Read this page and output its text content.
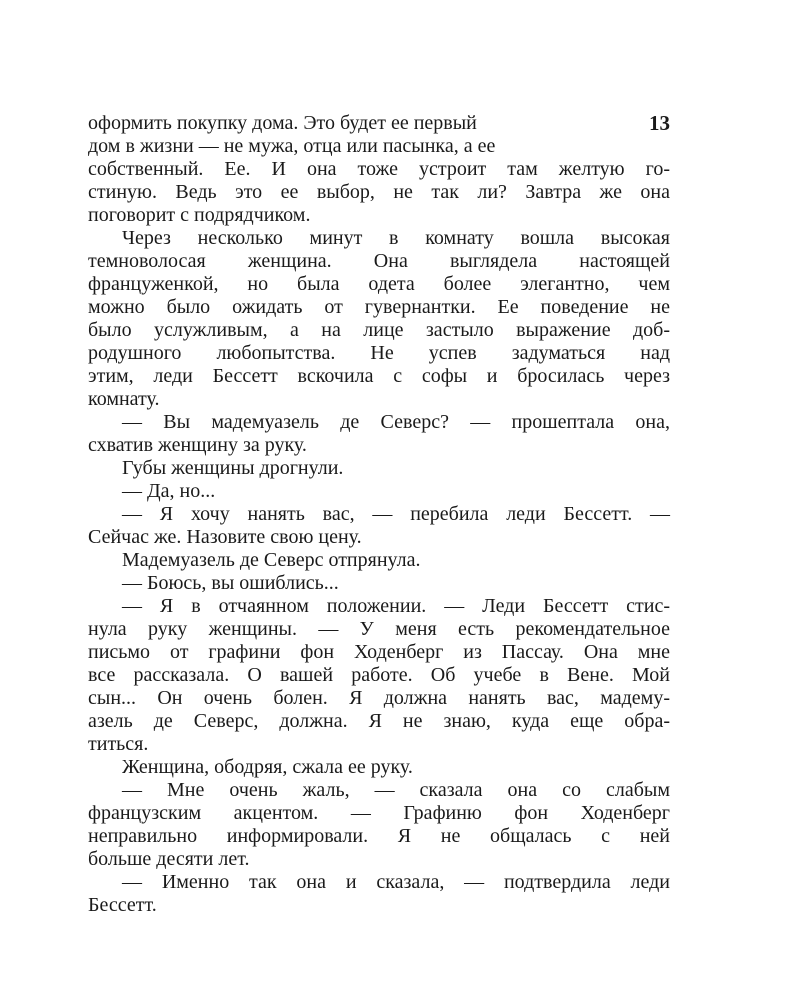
оформить покупку дома. Это будет ее первый	13
дом в жизни — не мужа, отца или пасынка, а ее
собственный. Ее. И она тоже устроит там желтую го-
стиную. Ведь это ее выбор, не так ли? Завтра же она
поговорит с подрядчиком.
Через несколько минут в комнату вошла высокая
темноволосая женщина. Она выглядела настоящей
француженкой, но была одета более элегантно, чем
можно было ожидать от гувернантки. Ее поведение не
было услужливым, а на лице застыло выражение доб-
родушного любопытства. Не успев задуматься над
этим, леди Бессетт вскочила с софы и бросилась через
комнату.
— Вы мадемуазель де Северс? — прошептала она,
схватив женщину за руку.
Губы женщины дрогнули.
— Да, но...
— Я хочу нанять вас, — перебила леди Бессетт. —
Сейчас же. Назовите свою цену.
Мадемуазель де Северс отпрянула.
— Боюсь, вы ошиблись...
— Я в отчаянном положении. — Леди Бессетт стис-
нула руку женщины. — У меня есть рекомендательное
письмо от графини фон Ходенберг из Пассау. Она мне
все рассказала. О вашей работе. Об учебе в Вене. Мой
сын... Он очень болен. Я должна нанять вас, мадему-
азель де Северс, должна. Я не знаю, куда еще обра-
титься.
Женщина, ободряя, сжала ее руку.
— Мне очень жаль, — сказала она со слабым
французским акцентом. — Графиню фон Ходенберг
неправильно информировали. Я не общалась с ней
больше десяти лет.
— Именно так она и сказала, — подтвердила леди
Бессетт.
